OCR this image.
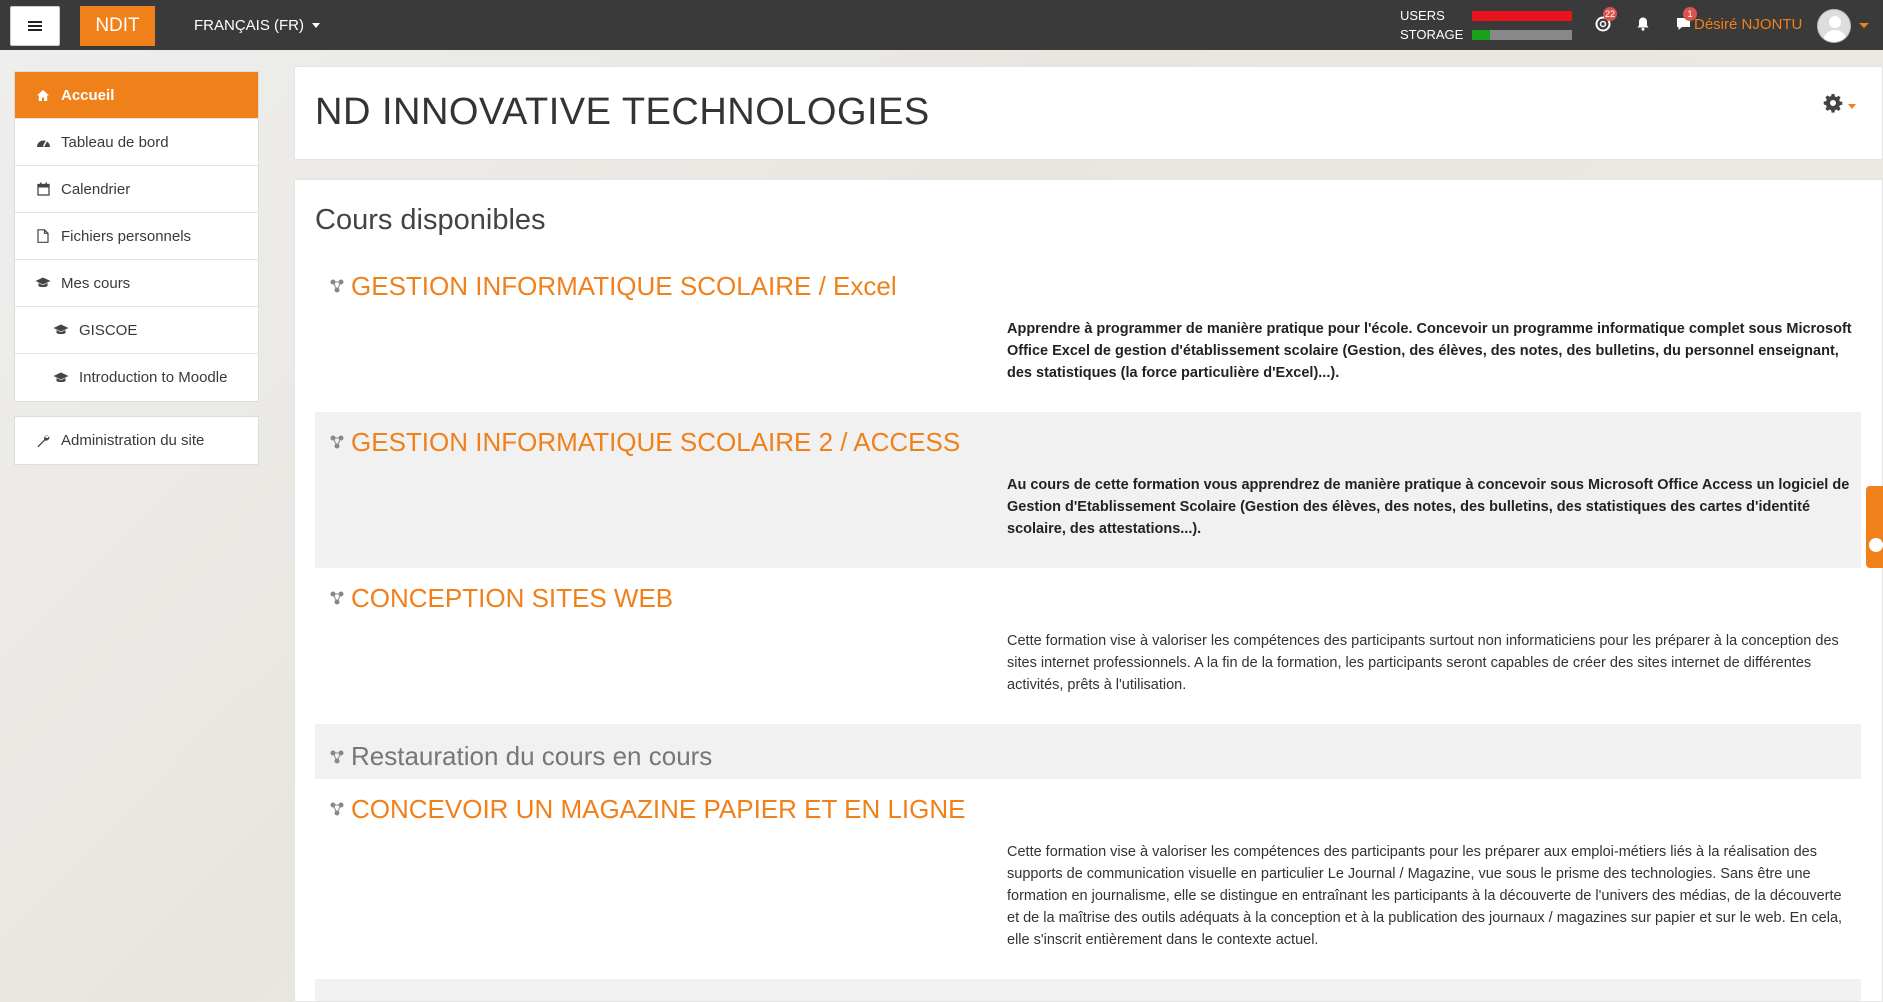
NDIT	FRANÇAIS (FR)
USERS
STORAGE
22	1
Désiré NJONTU
Accueil
Tableau de bord
Calendrier
Fichiers personnels
Mes cours
GISCOE
Introduction to Moodle
Administration du site
ND INNOVATIVE TECHNOLOGIES
Cours disponibles
GESTION INFORMATIQUE SCOLAIRE / Excel
Apprendre à programmer de manière pratique pour l'école. Concevoir un programme informatique complet sous Microsoft Office Excel de gestion d'établissement scolaire (Gestion, des élèves, des notes, des bulletins, du personnel enseignant, des statistiques (la force particulière d'Excel)...).
GESTION INFORMATIQUE SCOLAIRE 2 / ACCESS
Au cours de cette formation vous apprendrez de manière pratique à concevoir sous Microsoft Office Access un logiciel de Gestion d'Etablissement Scolaire (Gestion des élèves, des notes, des bulletins, des statistiques des cartes d'identité scolaire, des attestations...).
CONCEPTION SITES WEB
Cette formation vise à valoriser les compétences des participants surtout non informaticiens pour les préparer à la conception des sites internet professionnels. A la fin de la formation, les participants seront capables de créer des sites internet de différentes activités, prêts à l'utilisation.
Restauration du cours en cours
CONCEVOIR UN MAGAZINE PAPIER ET EN LIGNE
Cette formation vise à valoriser les compétences des participants pour les préparer aux emploi-métiers liés à la réalisation des supports de communication visuelle en particulier Le Journal / Magazine, vue sous le prisme des technologies. Sans être une formation en journalisme, elle se distingue en entraînant les participants à la découverte de l'univers des médias, de la découverte et de la maîtrise des outils adéquats à la conception et à la publication des journaux / magazines sur papier et sur le web. En cela, elle s'inscrit entièrement dans le contexte actuel.
